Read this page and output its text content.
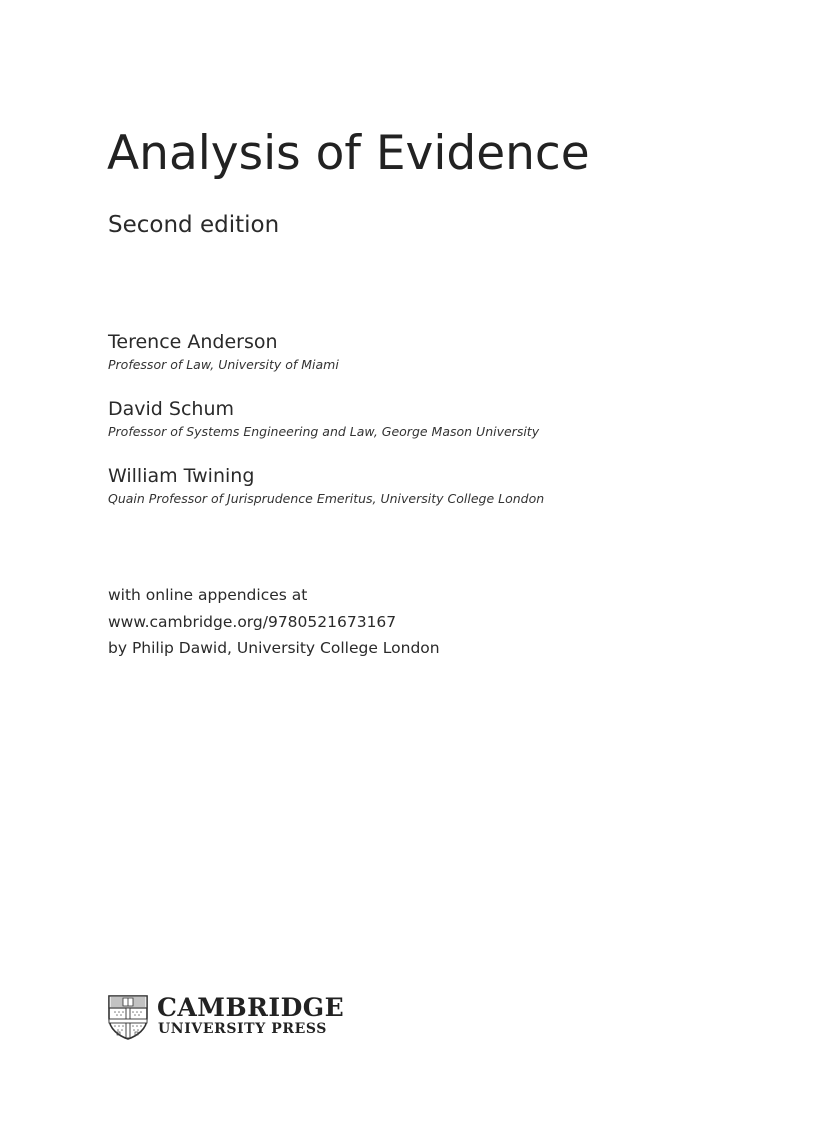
Analysis of Evidence
Second edition
Terence Anderson
Professor of Law, University of Miami
David Schum
Professor of Systems Engineering and Law, George Mason University
William Twining
Quain Professor of Jurisprudence Emeritus, University College London
with online appendices at
www.cambridge.org/9780521673167
by Philip Dawid, University College London
CAMBRIDGE
UNIVERSITY PRESS
